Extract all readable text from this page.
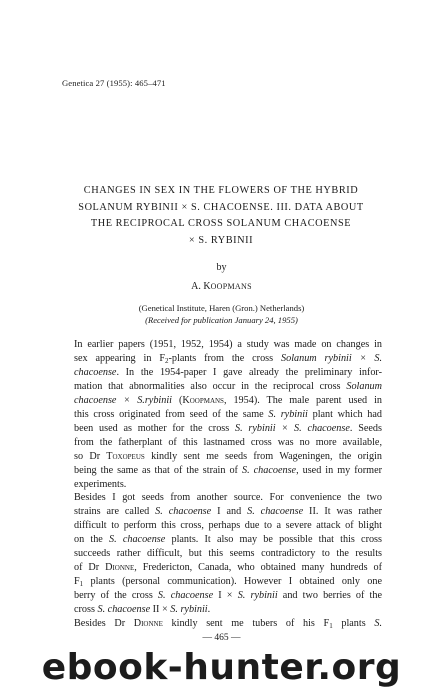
Genetica 27 (1955): 465–471
CHANGES IN SEX IN THE FLOWERS OF THE HYBRID
SOLANUM RYBINII × S. CHACOENSE. III. DATA ABOUT
THE RECIPROCAL CROSS SOLANUM CHACOENSE
× S. RYBINII
by
A. KOOPMANS
(Genetical Institute, Haren (Gron.) Netherlands)
(Received for publication January 24, 1955)

In earlier papers (1951, 1952, 1954) a study was made on changes in
sex appearing in $F_2$-plants from the cross Solanum rybinii × S.
chacoense. In the 1954-paper I gave already the preliminary infor-
mation that abnormalities also occur in the reciprocal cross Solanum
chacoense × S.rybinii (Koopmans, 1954). The male parent used in
this cross originated from seed of the same S. rybinii plant which had
been used as mother for the cross S. rybinii × S. chacoense. Seeds
from the fatherplant of this lastnamed cross was no more available,
so Dr Toxopeus kindly sent me seeds from Wageningen, the origin
being the same as that of the strain of S. chacoense, used in my former
experiments.

Besides I got seeds from another source. For convenience the two
strains are called S. chacoense I and S. chacoense II. It was rather
difficult to perform this cross, perhaps due to a severe attack of blight
on the S. chacoense plants. It also may be possible that this cross
succeeds rather difficult, but this seems contradictory to the results
of Dr Dionne, Fredericton, Canada, who obtained many hundreds of
$F_1$ plants (personal communication). However I obtained only one
berry of the cross S. chacoense I × S. rybinii and two berries of the
cross S. chacoense II × S. rybinii.

Besides Dr Dionne kindly sent me tubers of his $F_1$ plants S.

— 465 —
ebook-hunter.org
